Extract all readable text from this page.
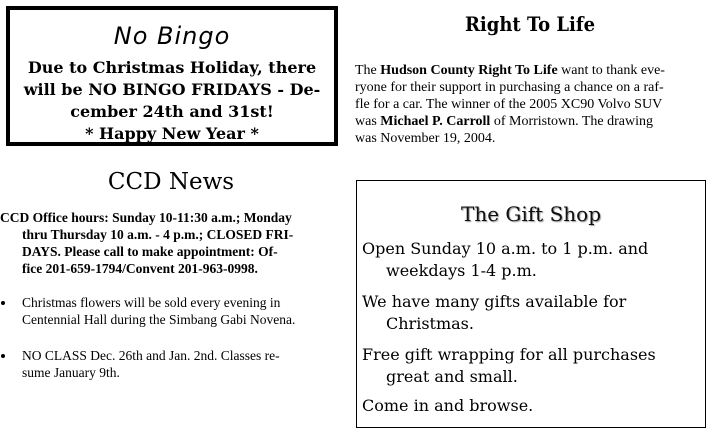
No Bingo
Due to Christmas Holiday, there
will be NO BINGO FRIDAYS - De-
cember 24th and 31st!
* Happy New Year *
Right To Life
The Hudson County Right To Life want to thank eve-
ryone for their support in purchasing a chance on a raf-
fle for a car. The winner of the 2005 XC90 Volvo SUV
was Michael P. Carroll of Morristown. The drawing
was November 19, 2004.
CCD News
CCD Office hours: Sunday 10-11:30 a.m.; Monday
thru Thursday 10 a.m. - 4 p.m.; CLOSED FRI-
DAYS. Please call to make appointment: Of-
fice 201-659-1794/Convent 201-963-0998.
Christmas flowers will be sold every evening in
Centennial Hall during the Simbang Gabi Novena.
NO CLASS Dec. 26th and Jan. 2nd. Classes re-
sume January 9th.
The Gift Shop
Open Sunday 10 a.m. to 1 p.m. and
weekdays 1-4 p.m.
We have many gifts available for
Christmas.
Free gift wrapping for all purchases
great and small.
Come in and browse.
